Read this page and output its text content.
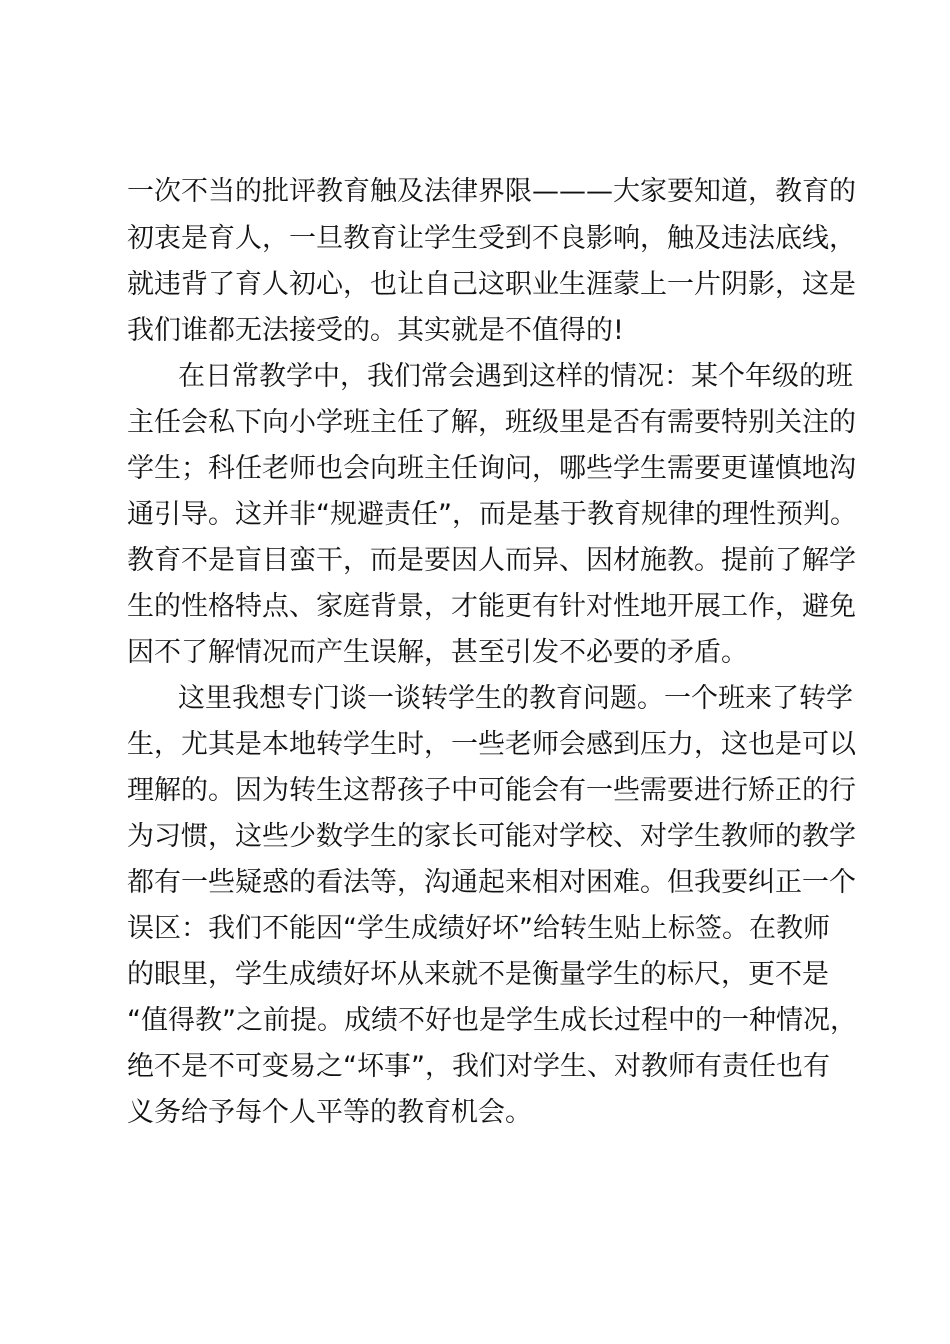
一次不当的批评教育触及法律界限———大家要知道，教育的
初衷是育人，一旦教育让学生受到不良影响，触及违法底线，
就违背了育人初心，也让自己这职业生涯蒙上一片阴影，这是
我们谁都无法接受的。其实就是不值得的!
在日常教学中，我们常会遇到这样的情况：某个年级的班
主任会私下向小学班主任了解，班级里是否有需要特别关注的
学生；科任老师也会向班主任询问，哪些学生需要更谨慎地沟
通引导。这并非“规避责任”，而是基于教育规律的理性预判。
教育不是盲目蛮干，而是要因人而异、因材施教。提前了解学
生的性格特点、家庭背景，才能更有针对性地开展工作，避免
因不了解情况而产生误解，甚至引发不必要的矛盾。
这里我想专门谈一谈转学生的教育问题。一个班来了转学
生，尤其是本地转学生时，一些老师会感到压力，这也是可以
理解的。因为转生这帮孩子中可能会有一些需要进行矫正的行
为习惯，这些少数学生的家长可能对学校、对学生教师的教学
都有一些疑惑的看法等，沟通起来相对困难。但我要纠正一个
误区：我们不能因“学生成绩好坏”给转生贴上标签。在教师
的眼里，学生成绩好坏从来就不是衡量学生的标尺，更不是
“值得教”之前提。成绩不好也是学生成长过程中的一种情况，
绝不是不可变易之“坏事”，我们对学生、对教师有责任也有
义务给予每个人平等的教育机会。
